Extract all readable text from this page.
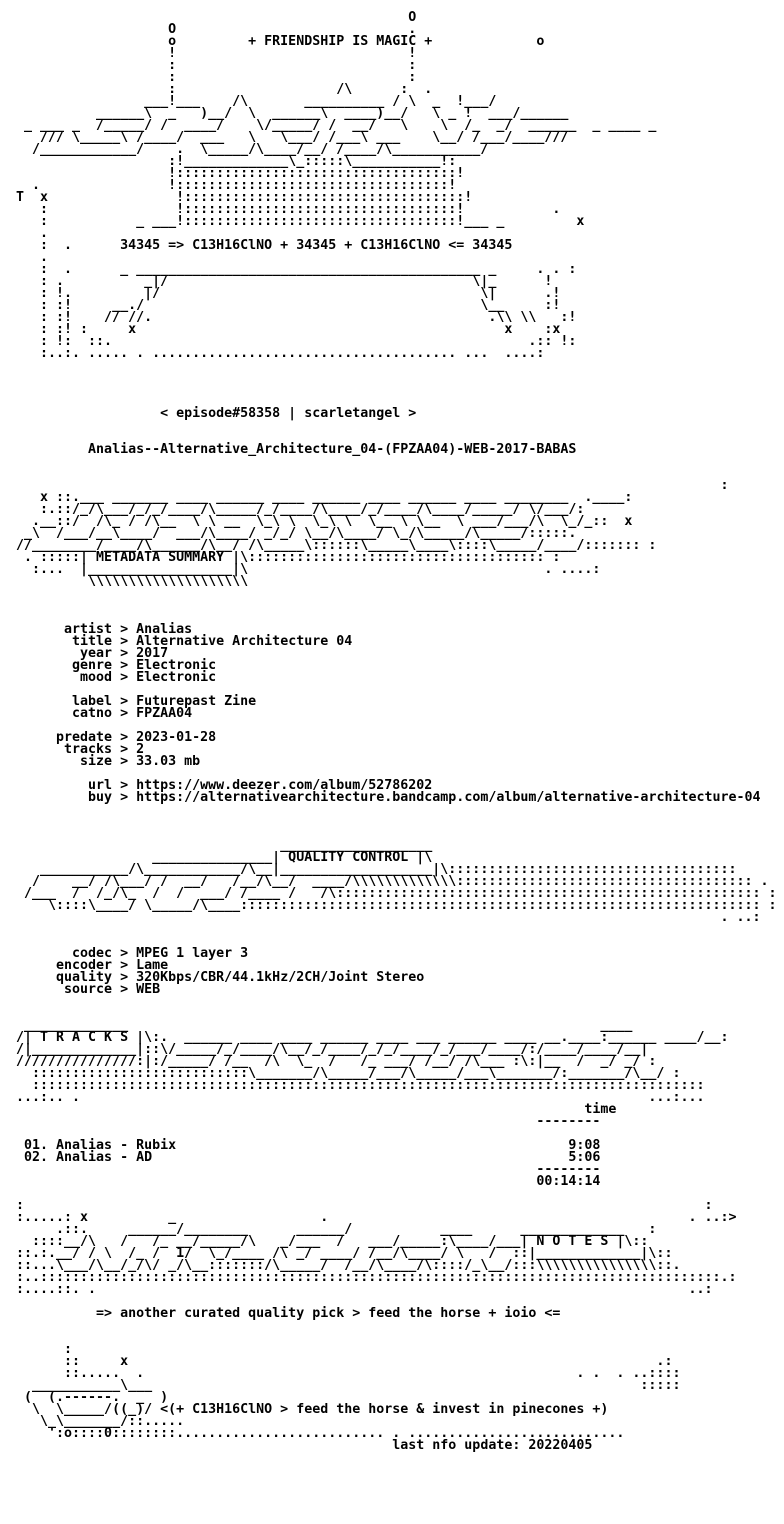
O
O                             .
o         + FRIENDSHIP IS MAGIC +             o
!                             !
:                             :
:                             :
:                    /\      :  .
___!___    /\       __________ / \  _  !___/
______\  _   )__/  \  ______\  ____)__/   \ _ !  ___/______
_ ___ _  /_____/ /  ____/    \/_____/ /  __/   \    \  /_  _/  ______  _ ____ _
/// \_____\ /____/  ___   \   \___/ /___\ ___    \__/ /___/____///
/____________/    .  \_____/\____/__/ /____/\___________/
:!_____________\_:::::\___________!:
!:::::::::::::::::::::::::::::::::::!
.                !::::::::::::::::::::::::::::::::::!
T  x                !:::::::::::::::::::::::::::::::::::!
:                !::::::::::::::::::::::::::::::::::!           .
:           _ ___!::::::::::::::::::::::::::::::::::!___ _         x
.
:  .      34345 => C13H16ClNO + 34345 + C13H16ClNO <= 34345
.
:  .      _ ___________________________________________ _     . . :
: .          _|/                                      \|_      !
: !.         |/                                        \|      .!
: :!     __./                                          \__     :!
: :!    // //.                                          .\\ \\   :!
: :! :     x                                              x    :x
: !:  ::.                                                    .:: !:
:..:. ..... . ...................................... ...  ....:

< episode#58358 | scarletangel >

Analias--Alternative_Architecture_04-(FPZAA04)-WEB-2017-BABAS

:
x ::.___ _______ ____ ______ ____ ______ ____ ______ ____ ________  .____:
:.::/_/\___/_/_/____/\_____/_/____/\____/_/____/\____/_____/ \/___/:
.__::/  /\_ / /\__  \ \ __  \_\ \  \_\ \  \__ \ \__  \ ___/___/\  \_/_::  x
_\  /___/__\____/  ___/\____/ _/_/ \__/\____/ \_/\_____/\_____/:::::.
//________/____/\______/\__/ /\_____\::::::\_____\____\::::\_____/____/::::::: :
. :::::| METADATA SUMMARY |\::::::::::::::::::::::::::::::::::::: :
:...  |__________________|\                                     . ....:
\\\\\\\\\\\\\\\\\\\\

artist > Analias
title > Alternative Architecture 04
year > 2017
genre > Electronic
mood > Electronic

label > Futurepast Zine
catno > FPZAA04

predate > 2023-01-28
tracks > 2
size > 33.03 mb

url > https://www.deezer.com/album/52786202
buy > https://alternativearchitecture.bandcamp.com/album/alternative-architecture-04

___________________
_______________| QUALITY CONTROL |\
___________/\____________/\__|___________________|\::::::::::::::::::::::::::::::::::::
/    __/ /\___/ /  __/   /__/\__/  ____/\\\\\\\\\\\\\::::::::::::::::::::::::::::::::::::: .
/___  /  /_/\_  /  /  ___/ /____ /   /\::::::::::::::::::::::::::::::::::::::::::::::::::::: :
\::::\____/ \_____/\____::::::::::::::::::::::::::::::::::::::::::::::::::::::::::::::::: :
. ..:

codec > MPEG 1 layer 3
encoder > Lame
quality > 320Kbps/CBR/44.1kHz/2CH/Joint Stereo
source > WEB

_____________                                                           ____
/| T R A C K S |\:.  ______ ____ ____ ______ ____ ___ ______ ____ __.____:______ ____/__:
/|_____________|::\/_____/_/____/\__/_/____/_/_/____/_/___/____/:/____/____/__|
///////////////:|:/_____/ /__  /\  \_  /   /_ ___/ /__/ /\___ :\:|__  /  _/ _/ :
:::::::::::::::::::::::::::\_______/\_____/___/\_____/___\_______/:_______/\__/ :
::::::::::::::::::::::::::::::::::::::::::::::::::::::::::::::::::::::::::::::::::::
...:.. .                                                                       ...:...
time
--------

01. Analias - Rubix                                                 9:08
02. Analias - AD                                                    5:06
--------
00:14:14

:                                                                                     :
:.....: x          _                  .                                             . ..:>
.::.     ______/________      ______/           ____      _____________   :
::::__/\   /   /_ __/_____/\   _/___  /   ___/_____:\____/___| N O T E S |\::
::.:.__/ / \  /_ /  1/  \_/____ /\ _/ ____/ /__/\____/ \   /  ::|_____________|\::
::...\___/\__/_/\/ _/\__:::::::/\_____/  /__/\____/\::::/_\__/:::\\\\\\\\\\\\\\\::.
:..:::::::::::::::::::::::::::::::::::::::::::::::::::::::::::::::::::::::::::::::::::::.:
:....::. .                                                                          ..:

=> another curated quality pick > feed the horse + ioio <=

:
::     x                                                                  .:
::.....  .                                                      . .  . ..::::
___________\___                                                             :::::
(  (.------.  _  )
\  \_____/((_)/ <(+ C13H16ClNO > feed the horse & invest in pinecones +)
\_\_______/::.....
':o::::0::::::::.......................... . ...........................
last nfo update: 20220405
